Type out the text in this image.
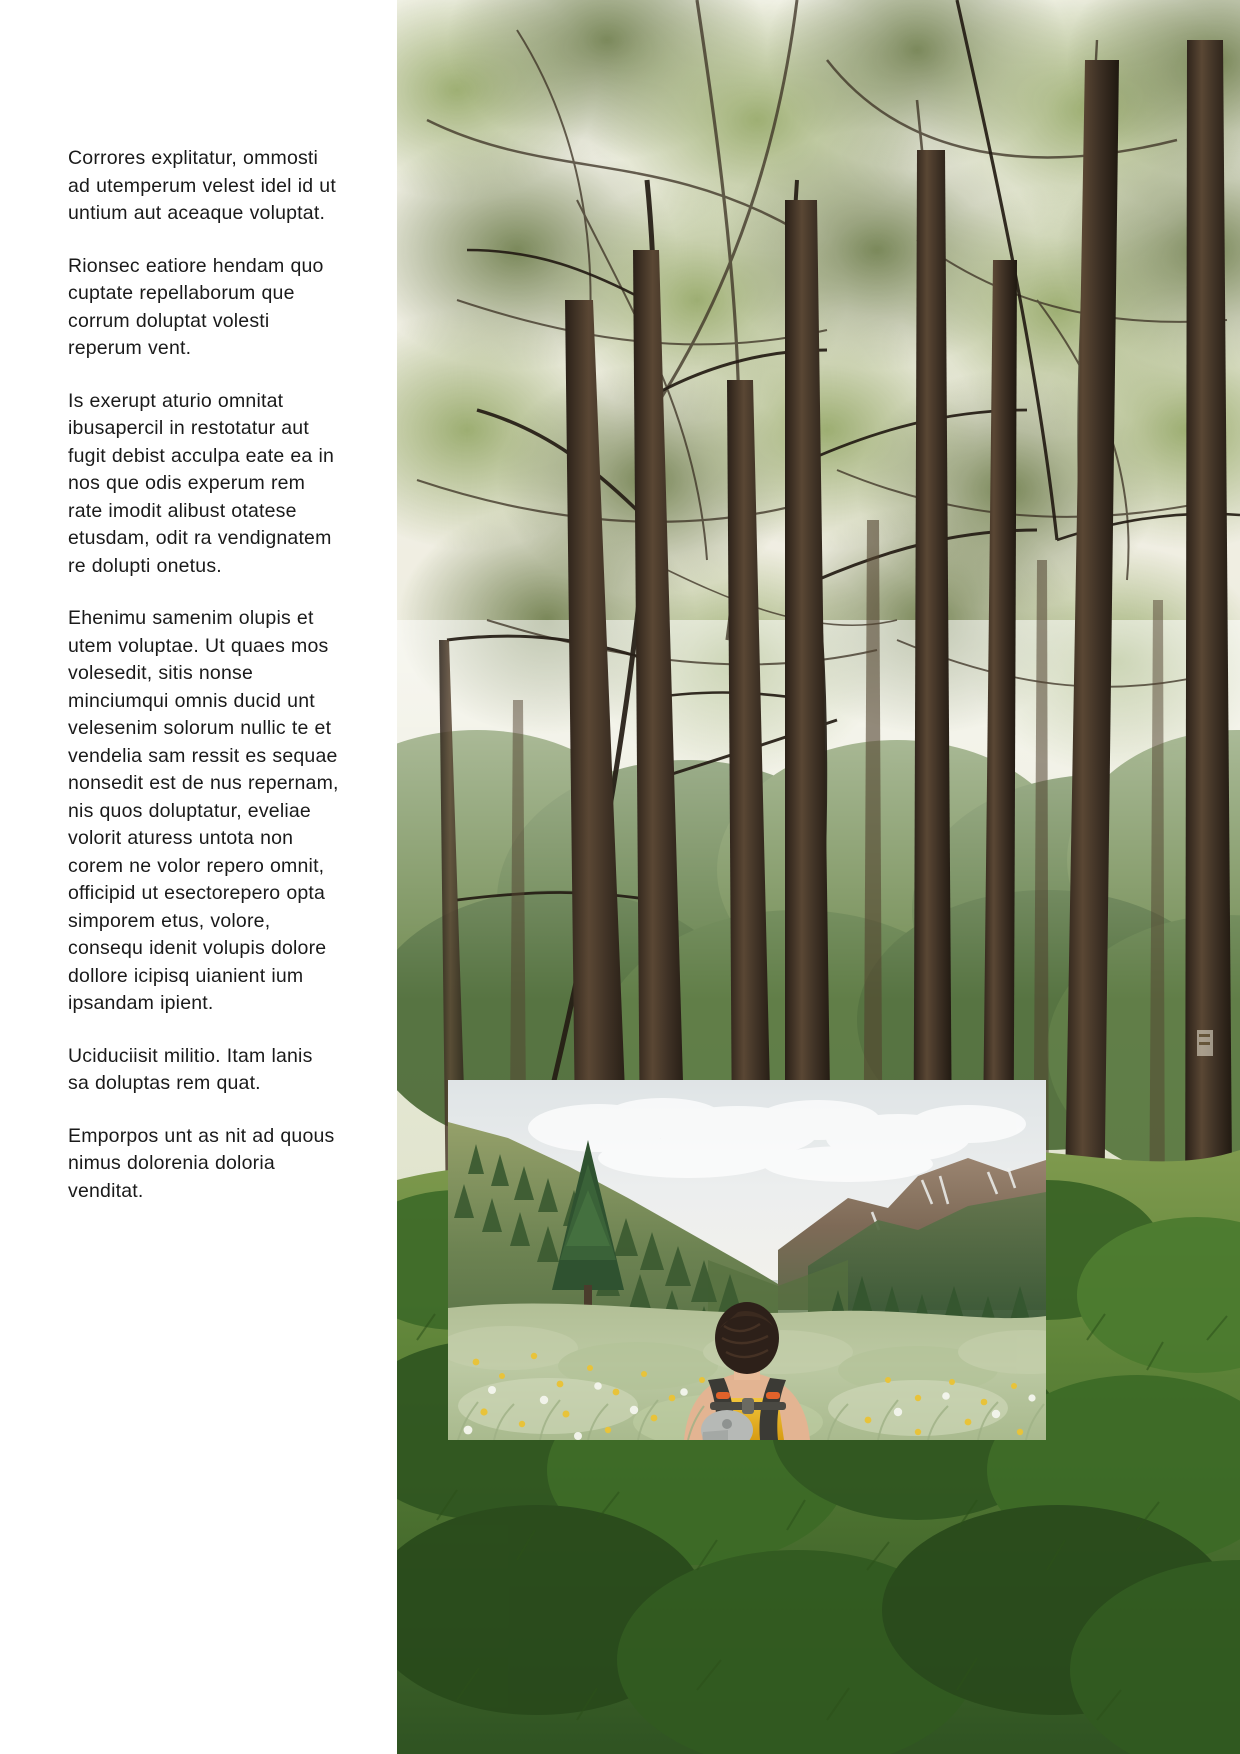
Corrores explitatur, ommosti ad utemperum velest idel id ut untium aut aceaque voluptat.

Rionsec eatiore hendam quo cuptate repellaborum que corrum doluptat volesti reperum vent.

Is exerupt aturio omnitat ibusapercil in restotatur aut fugit debist acculpa eate ea in nos que odis experum rem rate imodit alibust otatese etusdam, odit ra vendignatem re dolupti onetus.

Ehenimu samenim olupis et utem voluptae. Ut quaes mos volesedit, sitis nonse minciumqui omnis ducid unt velesenim solorum nullic te et vendelia sam ressit es sequae nonsedit est de nus repernam, nis quos doluptatur, eveliae volorit aturess untota non corem ne volor repero omnit, officipid ut esectorepero opta simporem etus, volore, consequ idenit volupis dolore dollore icipisq uianient ium ipsandam ipient.

Uciduciisit militio. Itam lanis sa doluptas rem quat.

Emporpos unt as nit ad quous nimus dolorenia doloria venditat.
